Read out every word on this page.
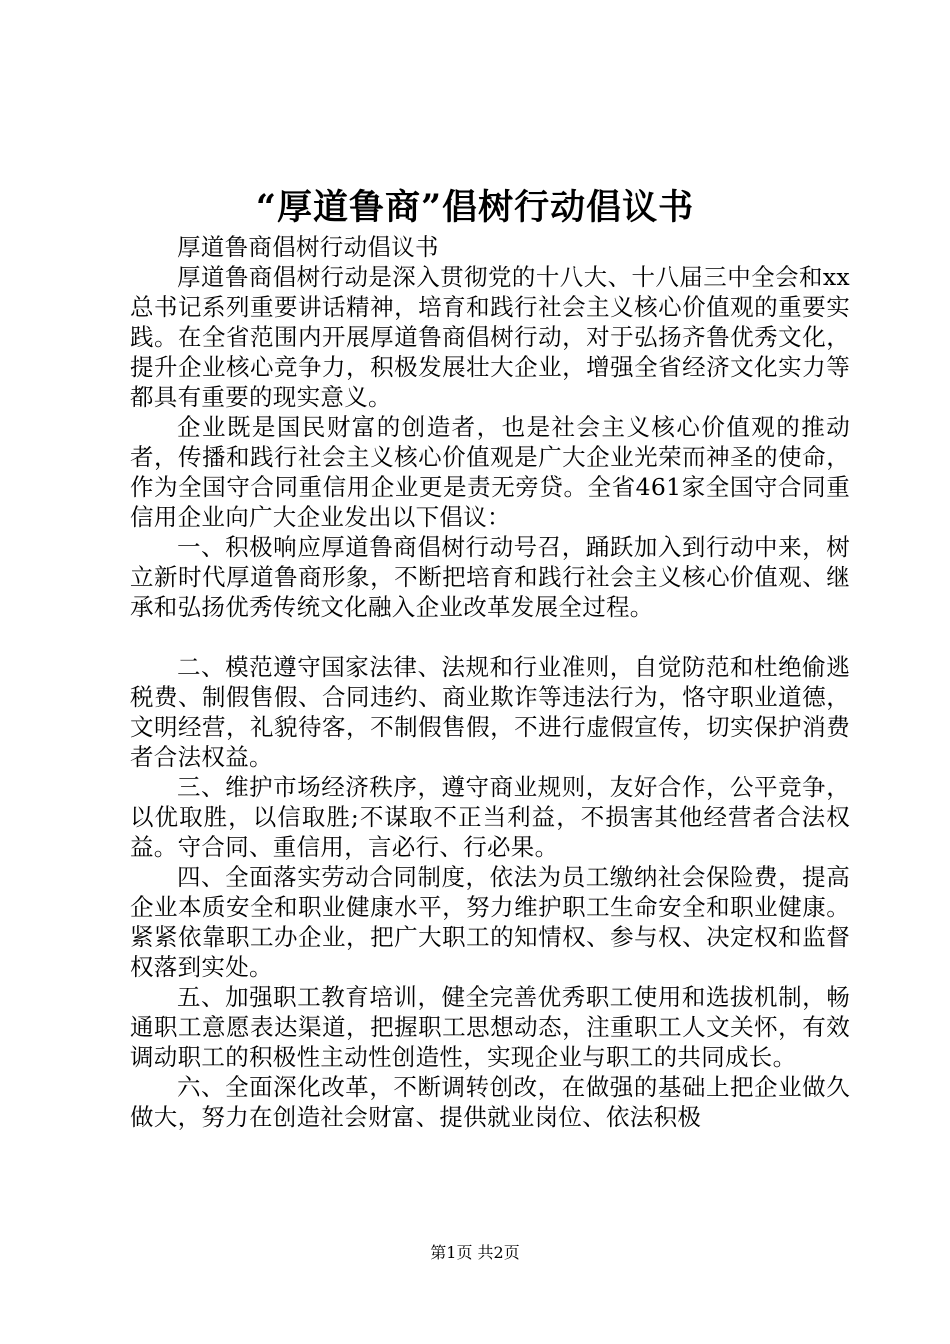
“厚道鲁商”倡树行动倡议书

厚道鲁商倡树行动倡议书

厚道鲁商倡树行动是深入贯彻党的十八大、十八届三中全会和xx总书记系列重要讲话精神，培育和践行社会主义核心价值观的重要实践。在全省范围内开展厚道鲁商倡树行动，对于弘扬齐鲁优秀文化，提升企业核心竞争力，积极发展壮大企业，增强全省经济文化实力等都具有重要的现实意义。

企业既是国民财富的创造者，也是社会主义核心价值观的推动者，传播和践行社会主义核心价值观是广大企业光荣而神圣的使命，作为全国守合同重信用企业更是责无旁贷。全省461家全国守合同重信用企业向广大企业发出以下倡议：

一、积极响应厚道鲁商倡树行动号召，踊跃加入到行动中来，树立新时代厚道鲁商形象，不断把培育和践行社会主义核心价值观、继承和弘扬优秀传统文化融入企业改革发展全过程。

二、模范遵守国家法律、法规和行业准则，自觉防范和杜绝偷逃税费、制假售假、合同违约、商业欺诈等违法行为，恪守职业道德，文明经营，礼貌待客，不制假售假，不进行虚假宣传，切实保护消费者合法权益。

三、维护市场经济秩序，遵守商业规则，友好合作，公平竞争，以优取胜，以信取胜;不谋取不正当利益，不损害其他经营者合法权益。守合同、重信用，言必行、行必果。

四、全面落实劳动合同制度，依法为员工缴纳社会保险费，提高企业本质安全和职业健康水平，努力维护职工生命安全和职业健康。紧紧依靠职工办企业，把广大职工的知情权、参与权、决定权和监督权落到实处。

五、加强职工教育培训，健全完善优秀职工使用和选拔机制，畅通职工意愿表达渠道，把握职工思想动态，注重职工人文关怀，有效调动职工的积极性主动性创造性，实现企业与职工的共同成长。

六、全面深化改革，不断调转创改，在做强的基础上把企业做久做大，努力在创造社会财富、提供就业岗位、依法积极

第1页 共2页
